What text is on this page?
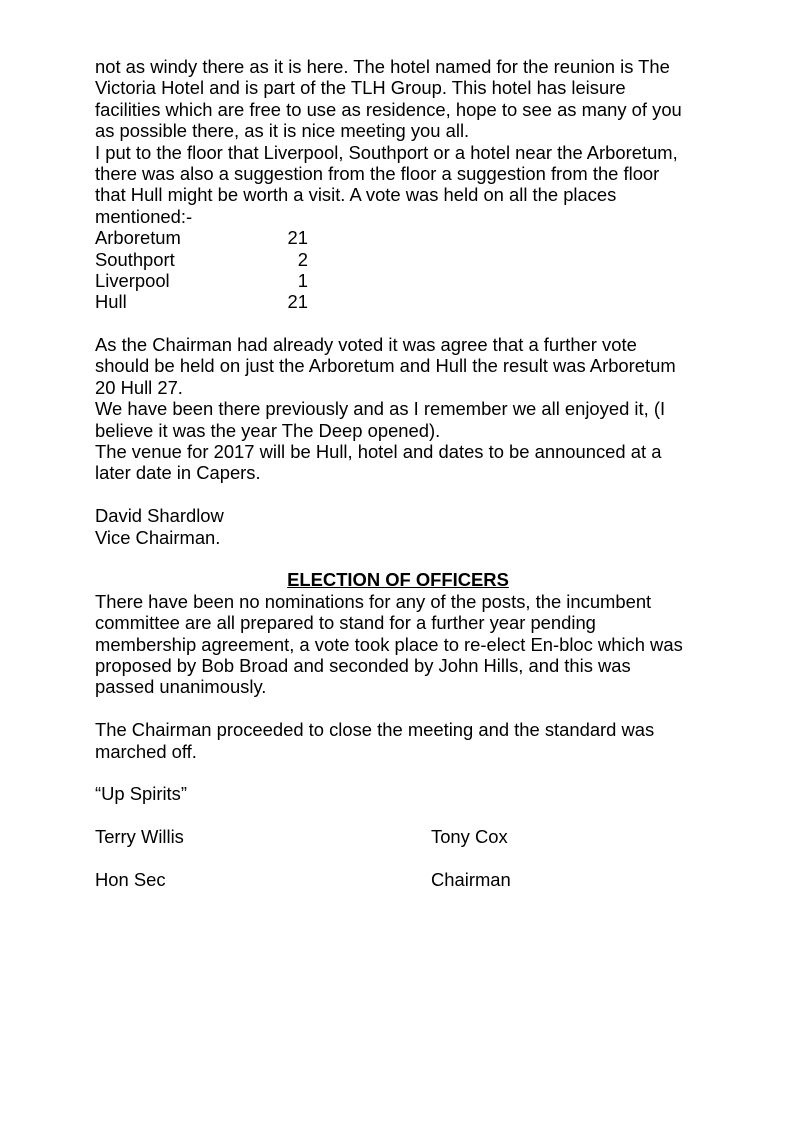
not as windy there as it is here. The hotel named for the reunion is The
Victoria Hotel and is part of the TLH Group. This hotel has leisure
facilities which are free to use as residence, hope to see as many of you
as possible there, as it is nice meeting you all.
I put to the floor that Liverpool, Southport or a hotel near the Arboretum,
there was also a suggestion from the floor a suggestion from the floor
that Hull might be worth a visit. A vote was held on all the places
mentioned:-
Arboretum	21
Southport	2
Liverpool	1
Hull	21
As the Chairman had already voted it was agree that a further vote
should be held on just the Arboretum and Hull the result was Arboretum
20 Hull 27.
We have been there previously and as I remember we all enjoyed it, (I
believe it was the year The Deep opened).
The venue for 2017 will be Hull, hotel and dates to be announced at a
later date in Capers.
David Shardlow
Vice Chairman.
ELECTION OF OFFICERS
There have been no nominations for any of the posts, the incumbent
committee are all prepared to stand for a further year pending
membership agreement, a vote took place to re-elect En-bloc which was
proposed by Bob Broad and seconded by John Hills, and this was
passed unanimously.
The Chairman proceeded to close the meeting and the standard was
marched off.
“Up Spirits”
Terry Willis	Tony Cox
Hon Sec	Chairman
